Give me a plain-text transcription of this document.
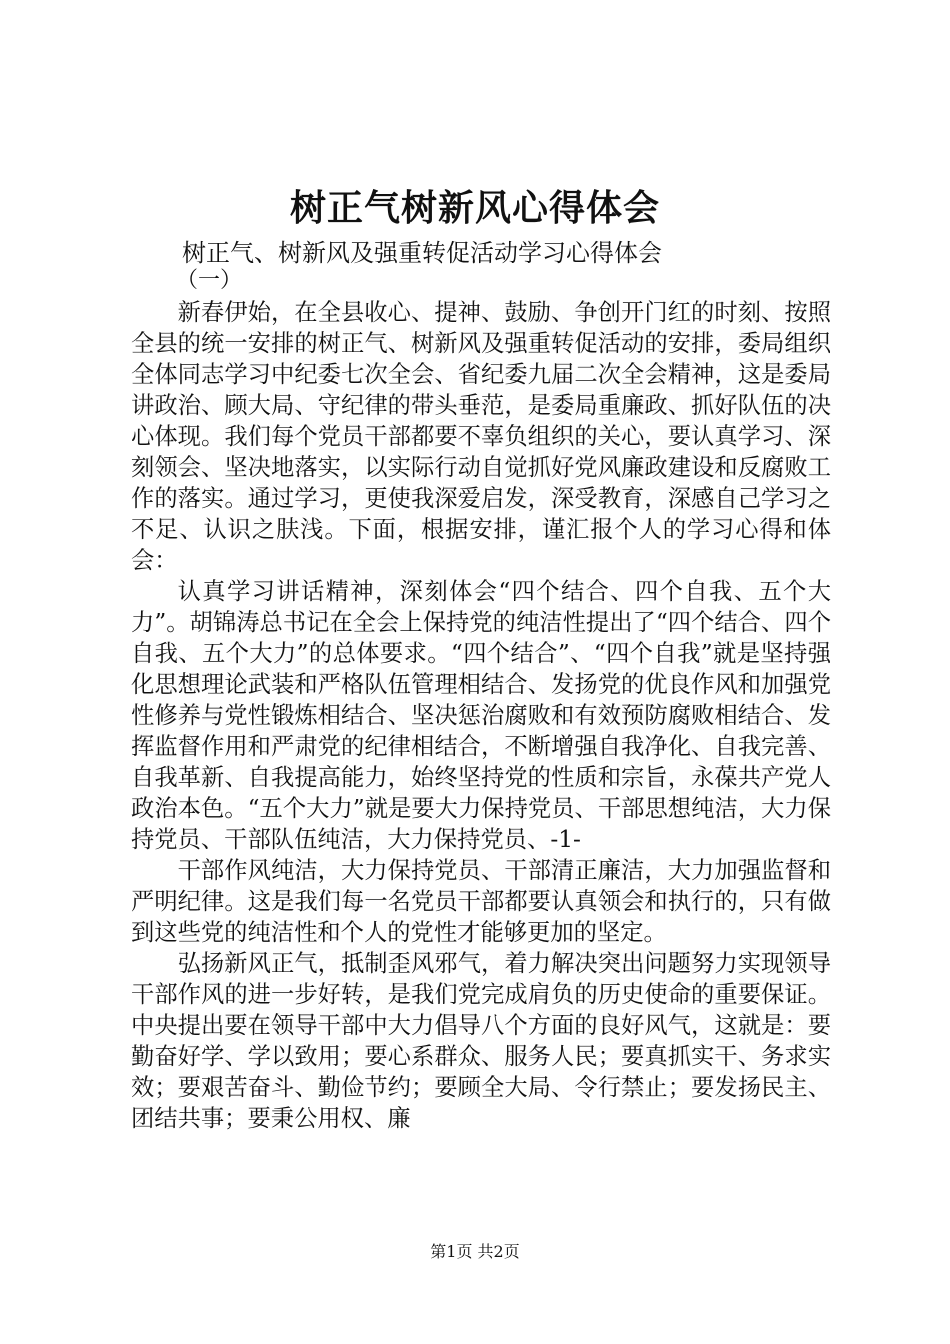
树正气树新风心得体会

树正气、树新风及强重转促活动学习心得体会

（一）

新春伊始，在全县收心、提神、鼓励、争创开门红的时刻、按照全县的统一安排的树正气、树新风及强重转促活动的安排，委局组织全体同志学习中纪委七次全会、省纪委九届二次全会精神，这是委局讲政治、顾大局、守纪律的带头垂范，是委局重廉政、抓好队伍的决心体现。我们每个党员干部都要不辜负组织的关心，要认真学习、深刻领会、坚决地落实，以实际行动自觉抓好党风廉政建设和反腐败工作的落实。通过学习，更使我深爱启发，深受教育，深感自己学习之不足、认识之肤浅。下面，根据安排，谨汇报个人的学习心得和体会：

认真学习讲话精神，深刻体会“四个结合、四个自我、五个大力”。胡锦涛总书记在全会上保持党的纯洁性提出了“四个结合、四个自我、五个大力”的总体要求。“四个结合”、“四个自我”就是坚持强化思想理论武装和严格队伍管理相结合、发扬党的优良作风和加强党性修养与党性锻炼相结合、坚决惩治腐败和有效预防腐败相结合、发挥监督作用和严肃党的纪律相结合，不断增强自我净化、自我完善、自我革新、自我提高能力，始终坚持党的性质和宗旨，永葆共产党人政治本色。“五个大力”就是要大力保持党员、干部思想纯洁，大力保持党员、干部队伍纯洁，大力保持党员、-1-

干部作风纯洁，大力保持党员、干部清正廉洁，大力加强监督和严明纪律。这是我们每一名党员干部都要认真领会和执行的，只有做到这些党的纯洁性和个人的党性才能够更加的坚定。

弘扬新风正气，抵制歪风邪气，着力解决突出问题努力实现领导干部作风的进一步好转，是我们党完成肩负的历史使命的重要保证。中央提出要在领导干部中大力倡导八个方面的良好风气，这就是：要勤奋好学、学以致用；要心系群众、服务人民；要真抓实干、务求实效；要艰苦奋斗、勤俭节约；要顾全大局、令行禁止；要发扬民主、团结共事；要秉公用权、廉

第1页 共2页
